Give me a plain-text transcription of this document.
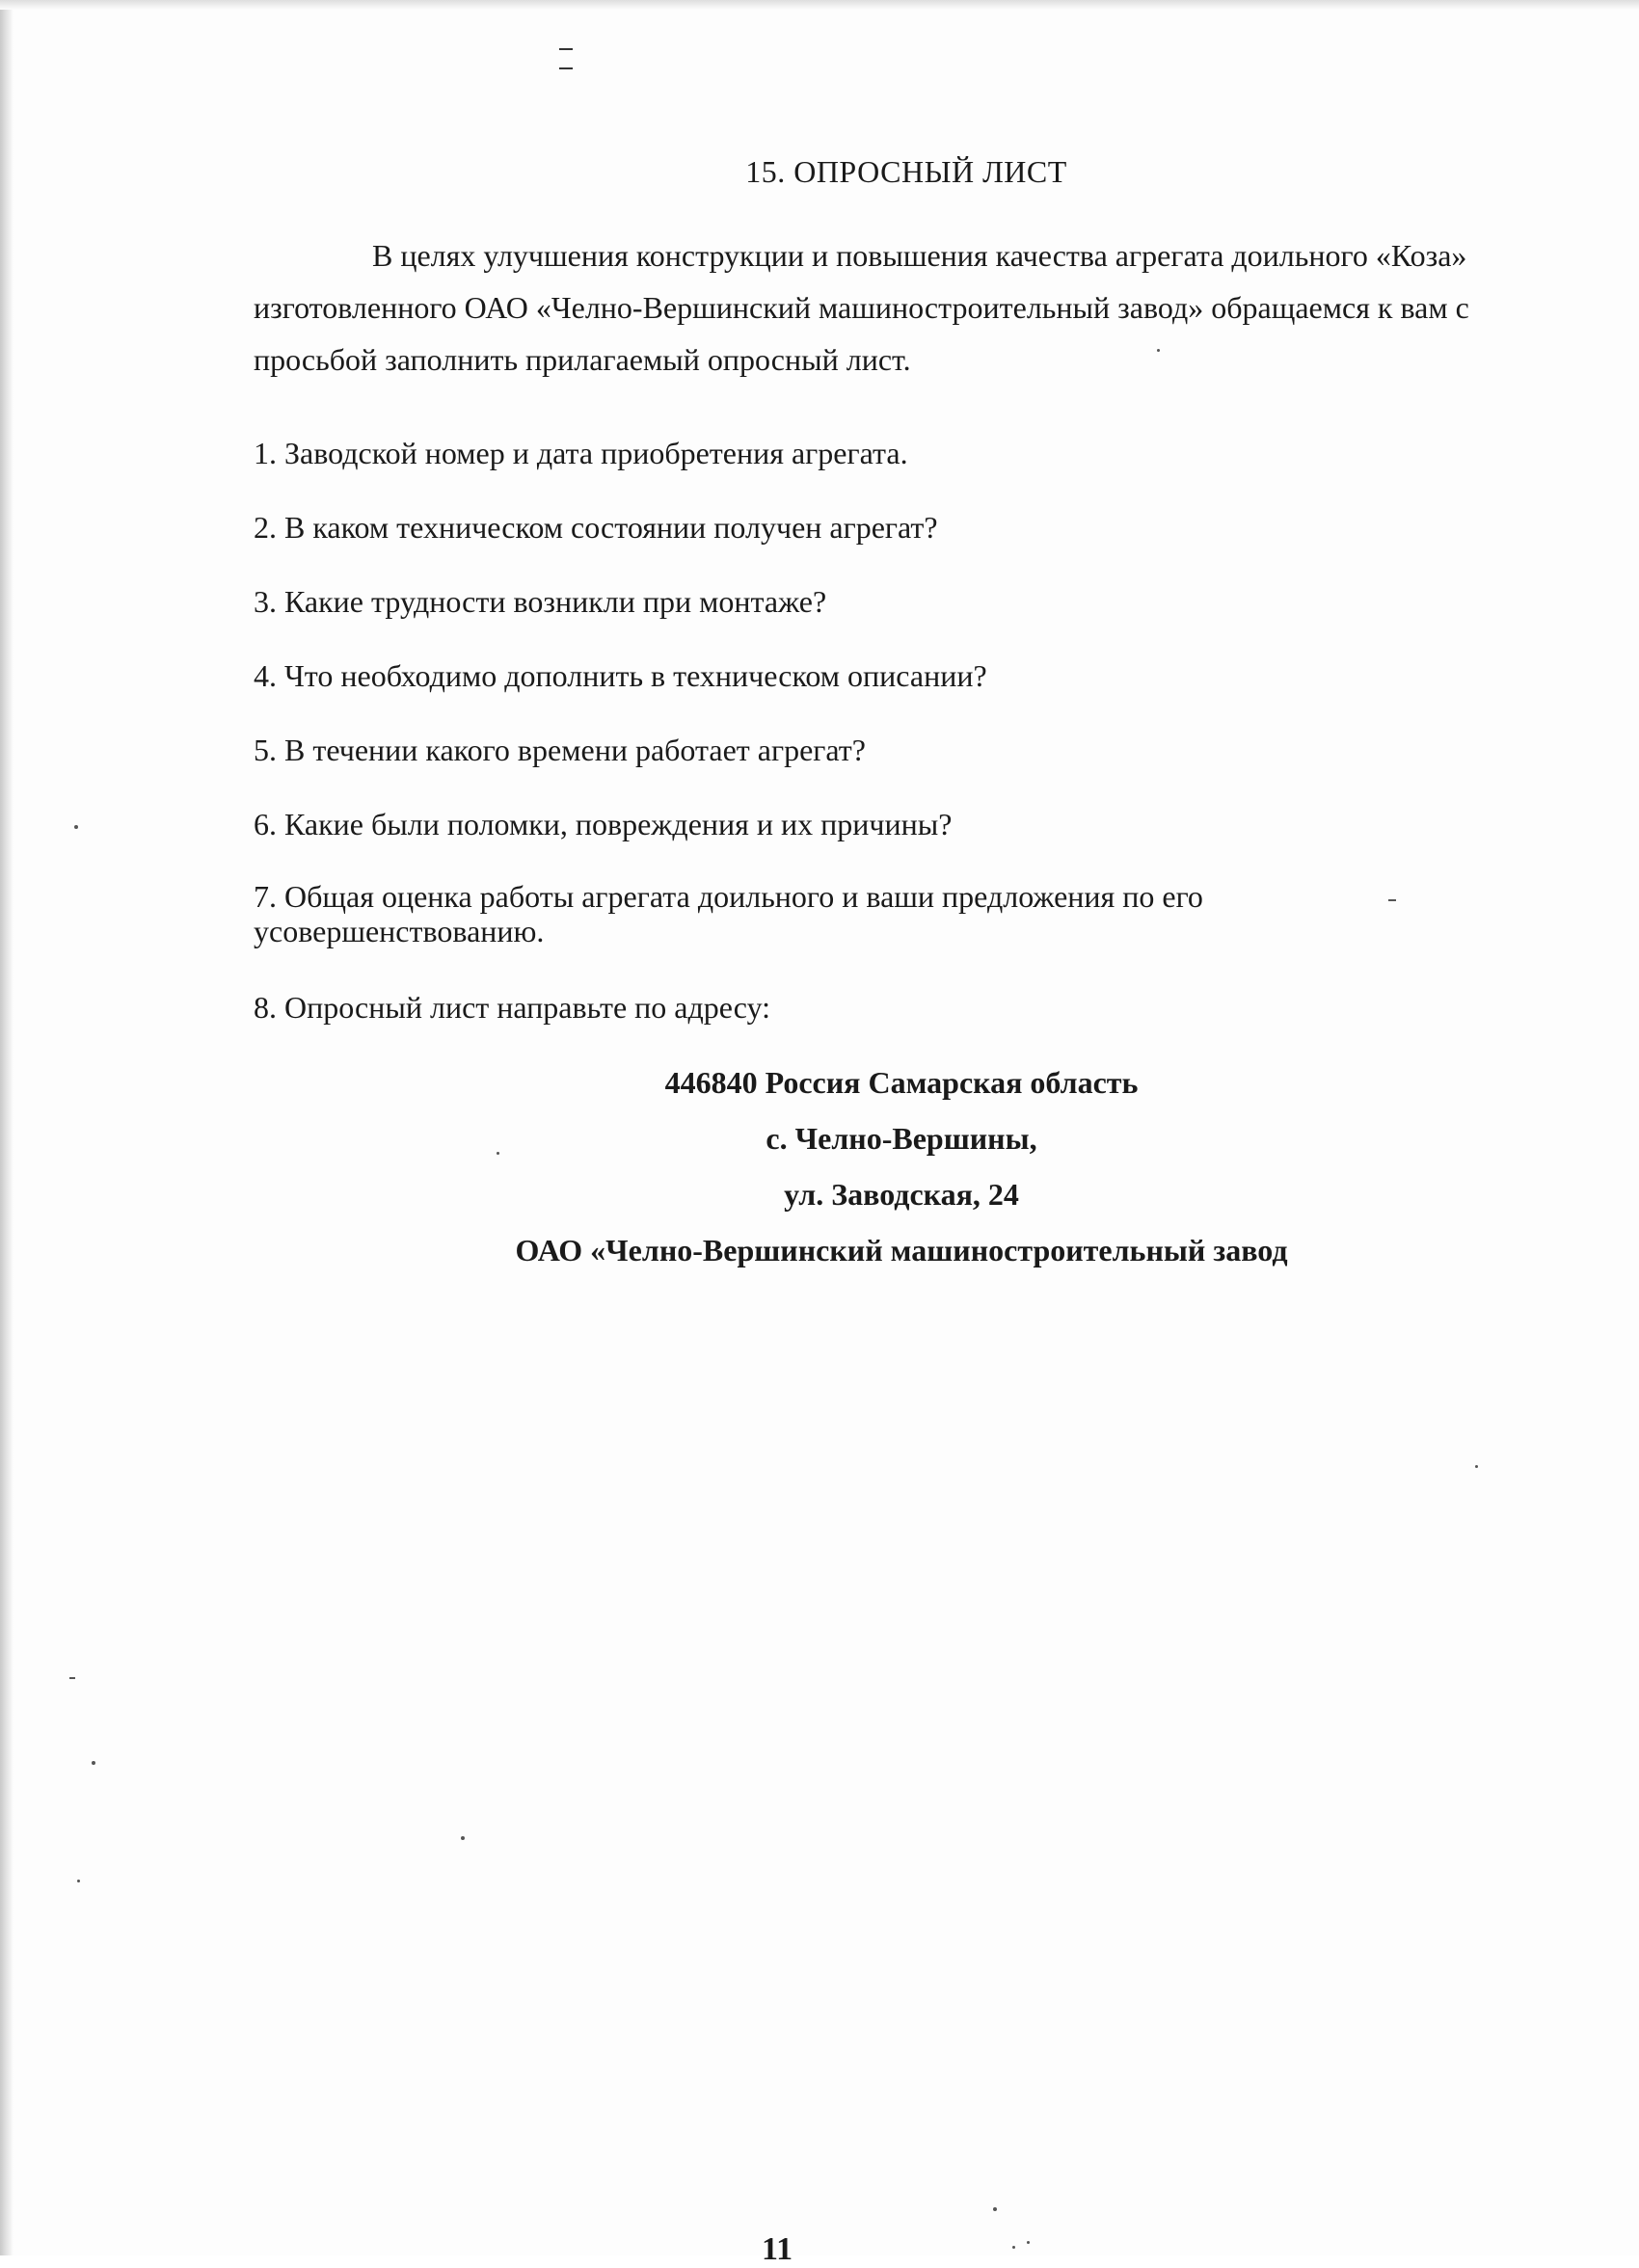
15. ОПРОСНЫЙ ЛИСТ
В целях улучшения конструкции и повышения качества агрегата доильного «Коза»
изготовленного ОАО «Челно-Вершинский машиностроительный завод» обращаемся к вам с
просьбой заполнить прилагаемый опросный лист.
1. Заводской номер и дата приобретения агрегата.
2. В каком техническом состоянии получен агрегат?
3. Какие трудности возникли при монтаже?
4. Что необходимо дополнить в техническом описании?
5. В течении какого времени работает агрегат?
6. Какие были поломки, повреждения и их причины?
7. Общая оценка работы агрегата доильного и ваши предложения по его усовершенствованию.
8. Опросный лист направьте по адресу:
446840 Россия Самарская область
с. Челно-Вершины,
ул. Заводская, 24
ОАО «Челно-Вершинский машиностроительный завод
11
